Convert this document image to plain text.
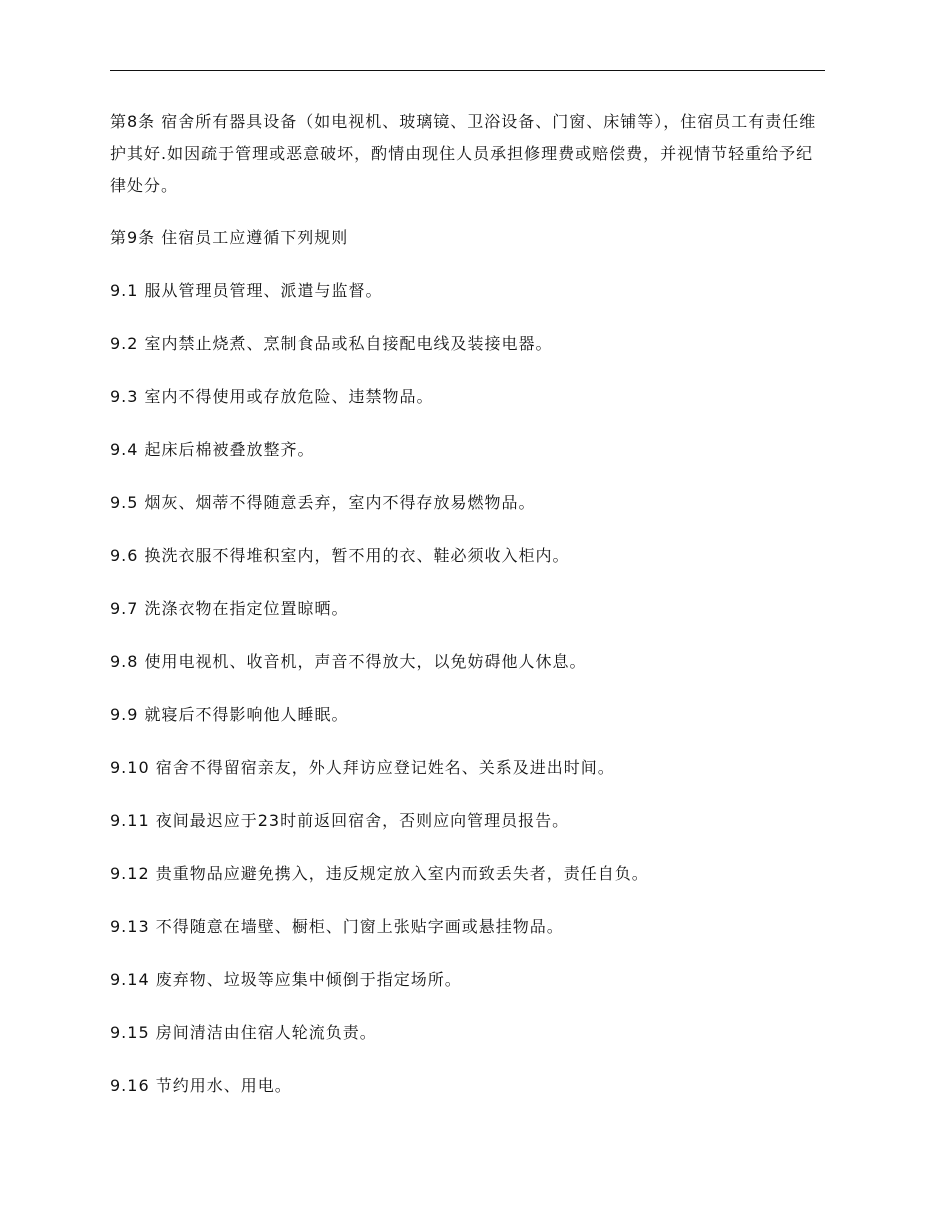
第8条 宿舍所有器具设备（如电视机、玻璃镜、卫浴设备、门窗、床铺等），住宿员工有责任维护其好.如因疏于管理或恶意破坏，酌情由现住人员承担修理费或赔偿费，并视情节轻重给予纪律处分。

第9条 住宿员工应遵循下列规则

9.1 服从管理员管理、派遣与监督。

9.2 室内禁止烧煮、烹制食品或私自接配电线及装接电器。

9.3 室内不得使用或存放危险、违禁物品。

9.4 起床后棉被叠放整齐。

9.5 烟灰、烟蒂不得随意丢弃，室内不得存放易燃物品。

9.6 换洗衣服不得堆积室内，暂不用的衣、鞋必须收入柜内。

9.7 洗涤衣物在指定位置晾晒。

9.8 使用电视机、收音机，声音不得放大，以免妨碍他人休息。

9.9 就寝后不得影响他人睡眠。

9.10 宿舍不得留宿亲友，外人拜访应登记姓名、关系及进出时间。

9.11 夜间最迟应于23时前返回宿舍，否则应向管理员报告。

9.12 贵重物品应避免携入，违反规定放入室内而致丢失者，责任自负。

9.13 不得随意在墙壁、橱柜、门窗上张贴字画或悬挂物品。

9.14 废弃物、垃圾等应集中倾倒于指定场所。

9.15 房间清洁由住宿人轮流负责。

9.16 节约用水、用电。
